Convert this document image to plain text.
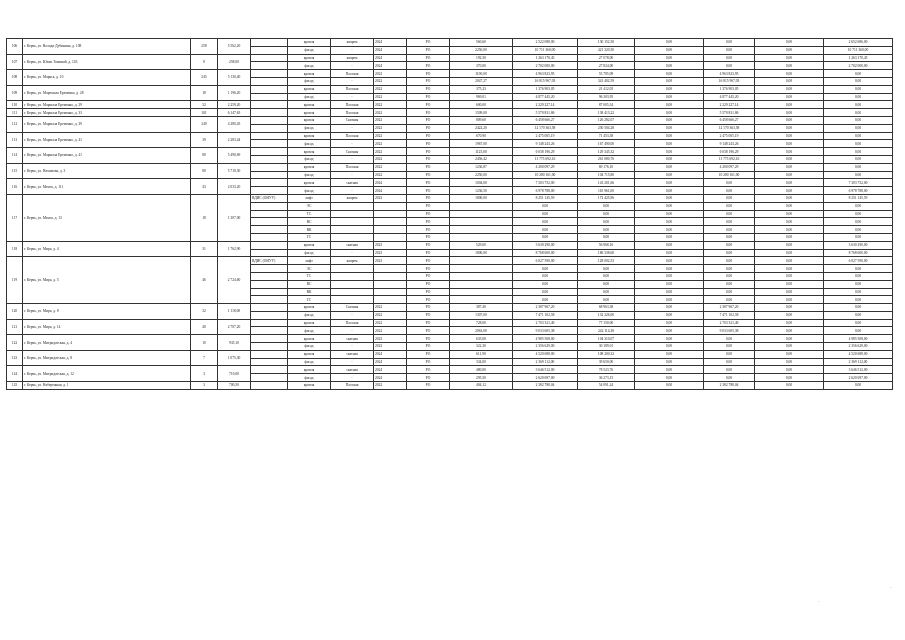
106	г. Керчь, ул. Володи Дубинина, д. 108	258	5 562,20		кровля	капрем	2024	РО	560,60	2 522 088,00	130 152,50	0,00	0,00	0,00	2 652 686,00
					фасад	-	2024	РО	2250,00	10 711 360,00	421 320,50	0,00	0,00	0,00	10 711 360,00
107	г. Керчь, ул. Юлии Томиной, д. 143	8	258,00		кровля	капрем	2024	РО	192,50	1 263 170,45	27 078,00	0,00	0,00	0,00	1 263 170,45
					фасад	-	2024	РО	370,00	2 702 000,00	27 824,00	0,00	0,00	0,00	2 702 000,00
108	г. Керчь, ул. Маркса, д. 10	245	5 130,40		кровля	Плоская	2022	РО	1100,00	4 963 823,95	53 785,09	0,00	4 963 823,95	0,00	0,00
					фасад	-	2022	РО	2047,27	16 815 967,03	341 402,59	0,00	16 815 967,03	0,00	0,00
109	г. Керчь, ул. Марешала Еременко, д. 28	18	1 196,20		кровля	Плоская	2022	РО	375,23	1 376 903,05	21 412,05	0,00	1 376 903,05	0,00	0,00
					фасад	-	2022	РО	969,01	4 877 445,20	96 303,95	0,00	4 877 445,20	0,00	0,00
110	г. Керчь, ул. Маршала Еременко, д. 29	52	2 259,20		кровля	Плоская	2022	РО	600,00	2 229 227,14	87 005,34	0,00	2 229 227,14	0,00	0,00
111	г. Керчь, ул. Маршала Еременко, д. 33	101	6 147,65		кровля	Плоская	2022	РО	1509,00	5 570 831,86	138 413,22	0,00	5 570 831,86	0,00	0,00
112	г. Керчь, ул. Маршала Еременко, д. 39	249	4 280,45		кровля	Скатная	2022	РО	809,60	6 458 666,27	126 282,07	0,00	6 458 666,27	0,00	0,00
					фасад	-	2022	РО	2422,20	12 170 363,58	230 504,28	0,00	12 170 363,58	0,00	0,00
113	г. Керчь, ул. Маршала Еременко, д. 41	39	2 283,44		кровля	Плоская	2022	РО	670,90	2 475 005,19	71 453,38	0,00	2 475 005,19	0,00	0,00
					фасад	-	2022	РО	1967,00	9 148 243,26	167 490,00	0,00	9 148 243,26	0,00	0,00
114	г. Керчь, ул. Маршала Еременко, д. 41	80	5 490,69		кровля	Скатная	2022	РО	1125,00	6 038 196,29	129 345,32	0,00	6 038 196,29	0,00	0,00
					фасад	-	2022	РО	2456,42	11 773 692,16	261 080,76	0,00	11 773 692,16	0,00	0,00
115	г. Керчь, ул. Нахимова, д. 3	80	5 710,30		кровля	Плоская	2022	РО	1236,87	4 200 097,29	69 176,10	0,00	4 200 097,29	0,00	0,00
					фасад	-	2022	РО	2250,00	10 280 161,00	104 715,80	0,00	10 280 161,00	0,00	0,00
116	г. Керчь, ул. Мента, д. 111	43	2 033,20		кровля	скатная	2024	РО	1004,00	7 303 752,00	143 201,66	0,00	0,00	0,00	7 303 752,00
					фасад	-	2024	РО	1236,50	6 978 788,00	110 961,00	0,00	0,00	0,00	6 978 788,00
117	г. Керчь, ул. Мента, д. 13	18	1 307,00	ВДИС (ОИУУ)	лифт	капрем	2023	РО	1800,00	8 251 145,59	172 425,96	0,00	0,00	0,00	8 251 145,59
					ЭС			РО		0,00	0,00	0,00	0,00	0,00	0,00
					ТС			РО		0,00	0,00	0,00	0,00	0,00	0,00
					ВС			РО		0,00	0,00	0,00	0,00	0,00	0,00
					ВК			РО		0,00	0,00	0,00	0,00	0,00	0,00
					ГС			РО		0,00	0,00	0,00	0,00	0,00	0,00
118	г. Керчь, ул. Мира, д. 4	31	1 762,90		кровля	скатная	2023	РО	529,00	3 630 290,00	56 968,16	0,00	0,00	0,00	3 630 290,00
					фасад	-	2023	РО	1800,00	8 768 600,00	186 338,60	0,00	0,00	0,00	8 768 600,00
119	г. Керчь, ул. Мира, д. 5	46	2 724,60	ВДИС (ОИУУ)	лифт	капрем	2023	РО		6 027 590,00	128 002,53	0,00	0,00	0,00	6 027 590,00
					ЭС			РО		0,00	0,00	0,00	0,00	0,00	0,00
					ТС			РО		0,00	0,00	0,00	0,00	0,00	0,00
					ВС			РО		0,00	0,00	0,00	0,00	0,00	0,00
					ВК			РО		0,00	0,00	0,00	0,00	0,00	0,00
					ГС			РО		0,00	0,00	0,00	0,00	0,00	0,00
120	г. Керчь, ул. Мира, д. 8	32	1 118,00		кровля	Скатная	2022	РО	387,40	2 387 967,20	68 963,38	0,00	2 387 967,20	0,00	0,00
					фасад	-	2022	РО	1307,00	7 471 102,58	132 226,00	0,00	7 471 102,58	0,00	0,00
121	г. Керчь, ул. Мира, д. 14	40	2 707,20		кровля	Плоская	2022	РО	728,00	2 703 321,40	77 150,00	0,00	2 703 321,40	0,00	0,00
					фасад	-	2022	РО	2063,00	9 033 605,38	242 114,38	0,00	9 033 605,38	0,00	0,00
122	г. Керчь, ул. Митридатская, д. 4	10	935,10		кровля	скатная	2023	РО	635,00	4 985 508,00	104 310,07	0,00	0,00	0,00	4 985 508,00
					фасад	-	2023	РО	322,30	2 356 629,00	30 189,01	0,00	0,00	0,00	2 356 629,00
123	г. Керчь, ул. Митридатская, д. 8	7	1 075,30		кровля	скатная	2024	РО	611,90	4 520 688,00	108 200,32	0,00	0,00	0,00	4 520 688,00
					фасад	-	2024	РО	334,00	2 369 112,00	39 650,00	0,00	0,00	0,00	2 369 112,00
124	г. Керчь, ул. Митридатская, д. 12	3	710,00		кровля	скатная	2024	РО	480,00	3 646 512,00	78 523,76	0,00	0,00	0,00	3 646 512,00
					фасад	-	2024	РО	295,50	2 620 697,00	36 273,15	0,00	0,00	0,00	2 620 697,00
125	г. Керчь, ул. Набережная, д. 1	3	700,50		кровля	Плоская	2022	РО	404,12	2 382 788,04	54 091,24	0,00	2 382 788,04	0,00	0,00
·
·
